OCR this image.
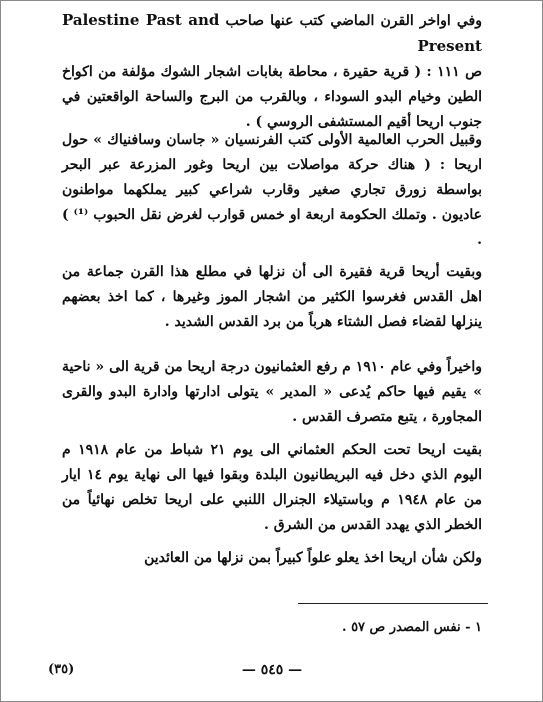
وفي اواخر القرن الماضي كتب عنها صاحب Palestine Past and Present
ص ١١١ : ( قرية حقيرة ، محاطة بغابات اشجار الشوك مؤلفة من اكواخ الطين وخيام البدو السوداء ، وبالقرب من البرج والساحة الواقعتين في جنوب اريحا أقيم المستشفى الروسي ) .

وقبيل الحرب العالمية الأولى كتب الفرنسيان « جاسان وسافنياك » حول اريحا : ( هناك حركة مواصلات بين اريحا وغور المزرعة عبر البحر بواسطة زورق تجاري صغير وقارب شراعي كبير يملكهما مواطنون عاديون . وتملك الحكومة اربعة او خمس قوارب لغرض نقل الحبوب ⁽¹⁾ ) .

وبقيت أريحا قرية فقيرة الى أن نزلها في مطلع هذا القرن جماعة من اهل القدس فغرسوا الكثير من اشجار الموز وغيرها ، كما اخذ بعضهم ينزلها لقضاء فصل الشتاء هرباً من برد القدس الشديد .

واخيراً وفي عام ١٩١٠ م رفع العثمانيون درجة اريحا من قرية الى « ناحية » يقيم فيها حاكم يُدعى « المدير » يتولى ادارتها وادارة البدو والقرى المجاورة ، يتبع متصرف القدس .

بقيت اريحا تحت الحكم العثماني الى يوم ٢١ شباط من عام ١٩١٨ م اليوم الذي دخل فيه البريطانيون البلدة وبقوا فيها الى نهاية يوم ١٤ ايار من عام ١٩٤٨ م وباستيلاء الجنرال اللنبي على اريحا تخلص نهائياً من الخطر الذي يهدد القدس من الشرق .

ولكن شأن اريحا اخذ يعلو علواً كبيراً بمن نزلها من العائدين

١ - نفس المصدر ص ٥٧ .
— ٥٤٥ —
(٣٥)
